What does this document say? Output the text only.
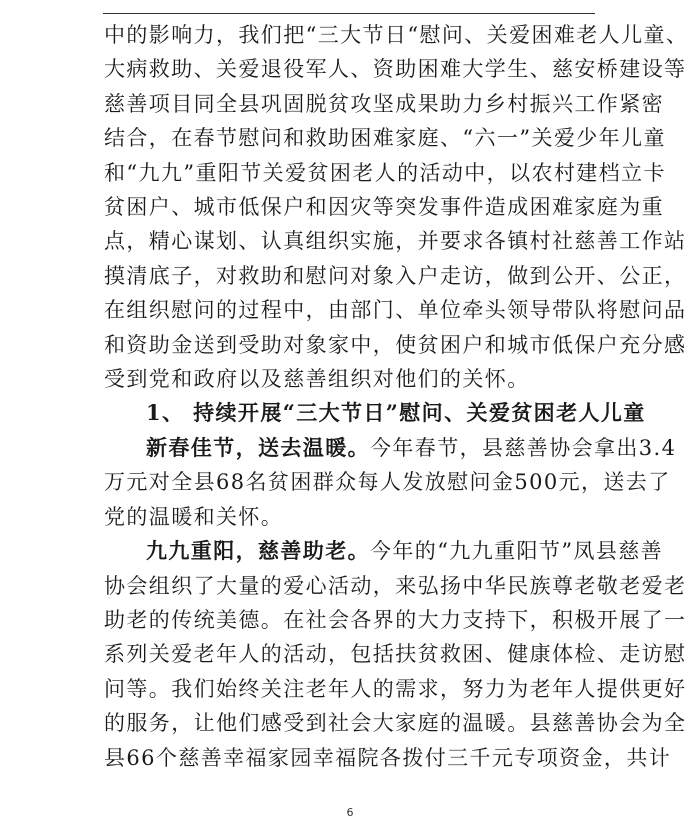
中的影响力，我们把“三大节日“慰问、关爱困难老人儿童、
大病救助、关爱退役军人、资助困难大学生、慈安桥建设等
慈善项目同全县巩固脱贫攻坚成果助力乡村振兴工作紧密
结合，在春节慰问和救助困难家庭、“六一”关爱少年儿童
和“九九”重阳节关爱贫困老人的活动中，以农村建档立卡
贫困户、城市低保户和因灾等突发事件造成困难家庭为重
点，精心谋划、认真组织实施，并要求各镇村社慈善工作站
摸清底子，对救助和慰问对象入户走访，做到公开、公正，
在组织慰问的过程中，由部门、单位牵头领导带队将慰问品
和资助金送到受助对象家中，使贫困户和城市低保户充分感
受到党和政府以及慈善组织对他们的关怀。
1、 持续开展“三大节日”慰问、关爱贫困老人儿童
新春佳节，送去温暖。今年春节，县慈善协会拿出3.4
万元对全县68名贫困群众每人发放慰问金500元，送去了
党的温暖和关怀。
九九重阳，慈善助老。今年的“九九重阳节”凤县慈善
协会组织了大量的爱心活动，来弘扬中华民族尊老敬老爱老
助老的传统美德。在社会各界的大力支持下，积极开展了一
系列关爱老年人的活动，包括扶贫救困、健康体检、走访慰
问等。我们始终关注老年人的需求，努力为老年人提供更好
的服务，让他们感受到社会大家庭的温暖。县慈善协会为全
县66个慈善幸福家园幸福院各拨付三千元专项资金，共计
6
